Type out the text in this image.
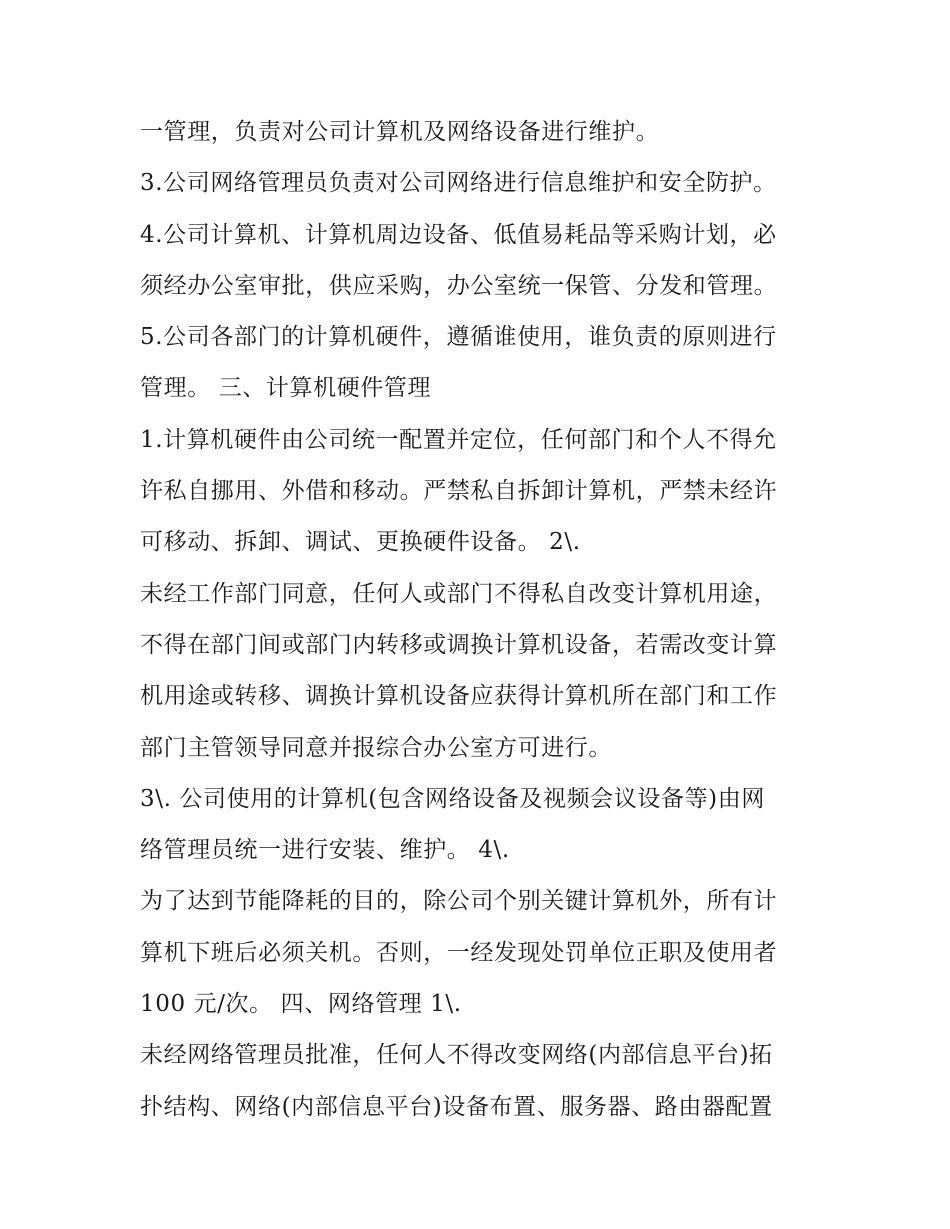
一管理，负责对公司计算机及网络设备进行维护。
3.公司网络管理员负责对公司网络进行信息维护和安全防护。
4.公司计算机、计算机周边设备、低值易耗品等采购计划，必
须经办公室审批，供应采购，办公室统一保管、分发和管理。
5.公司各部门的计算机硬件，遵循谁使用，谁负责的原则进行
管理。 三、计算机硬件管理
1.计算机硬件由公司统一配置并定位，任何部门和个人不得允
许私自挪用、外借和移动。严禁私自拆卸计算机，严禁未经许
可移动、拆卸、调试、更换硬件设备。 2\.
未经工作部门同意，任何人或部门不得私自改变计算机用途，
不得在部门间或部门内转移或调换计算机设备，若需改变计算
机用途或转移、调换计算机设备应获得计算机所在部门和工作
部门主管领导同意并报综合办公室方可进行。
3\. 公司使用的计算机(包含网络设备及视频会议设备等)由网
络管理员统一进行安装、维护。 4\.
为了达到节能降耗的目的，除公司个别关键计算机外，所有计
算机下班后必须关机。否则，一经发现处罚单位正职及使用者
100 元/次。 四、网络管理 1\.
未经网络管理员批准，任何人不得改变网络(内部信息平台)拓
扑结构、网络(内部信息平台)设备布置、服务器、路由器配置
